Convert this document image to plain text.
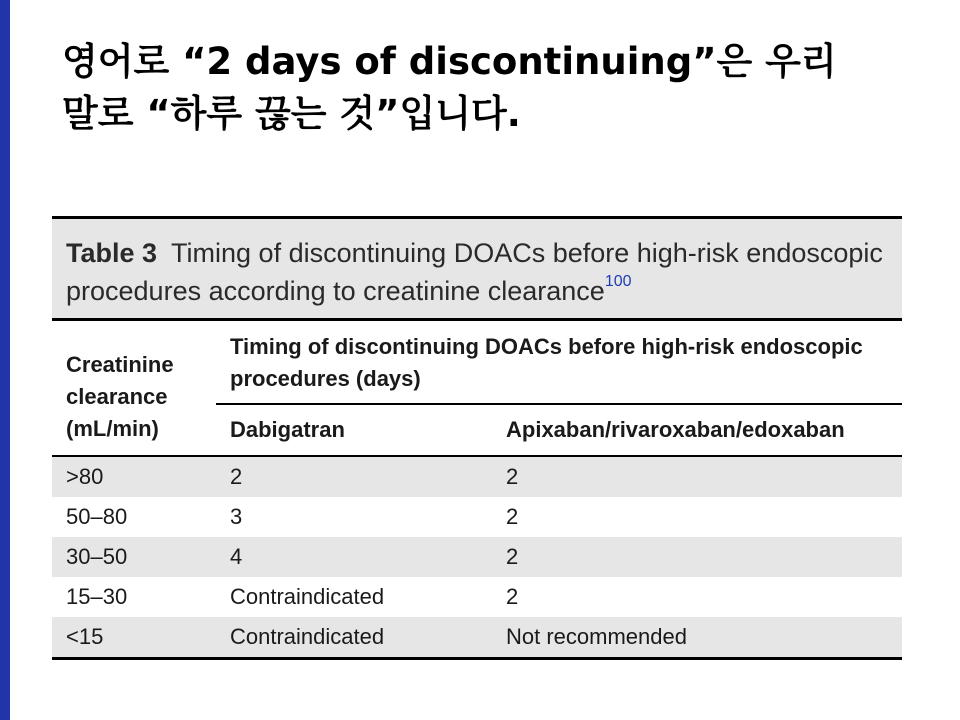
영어로 “2 days of discontinuing”은 우리
말로 “하루 끊는 것”입니다.
Table 3 Timing of discontinuing DOACs before high-risk endoscopic
procedures according to creatinine clearance$^{100}$
Creatinine
clearance
(mL/min)	Timing of discontinuing DOACs before high-risk endoscopic
procedures (days)	
	Dabigatran	Apixaban/rivaroxaban/edoxaban
>80	2	2
50–80	3	2
30–50	4	2
15–30	Contraindicated	2
<15	Contraindicated	Not recommended
